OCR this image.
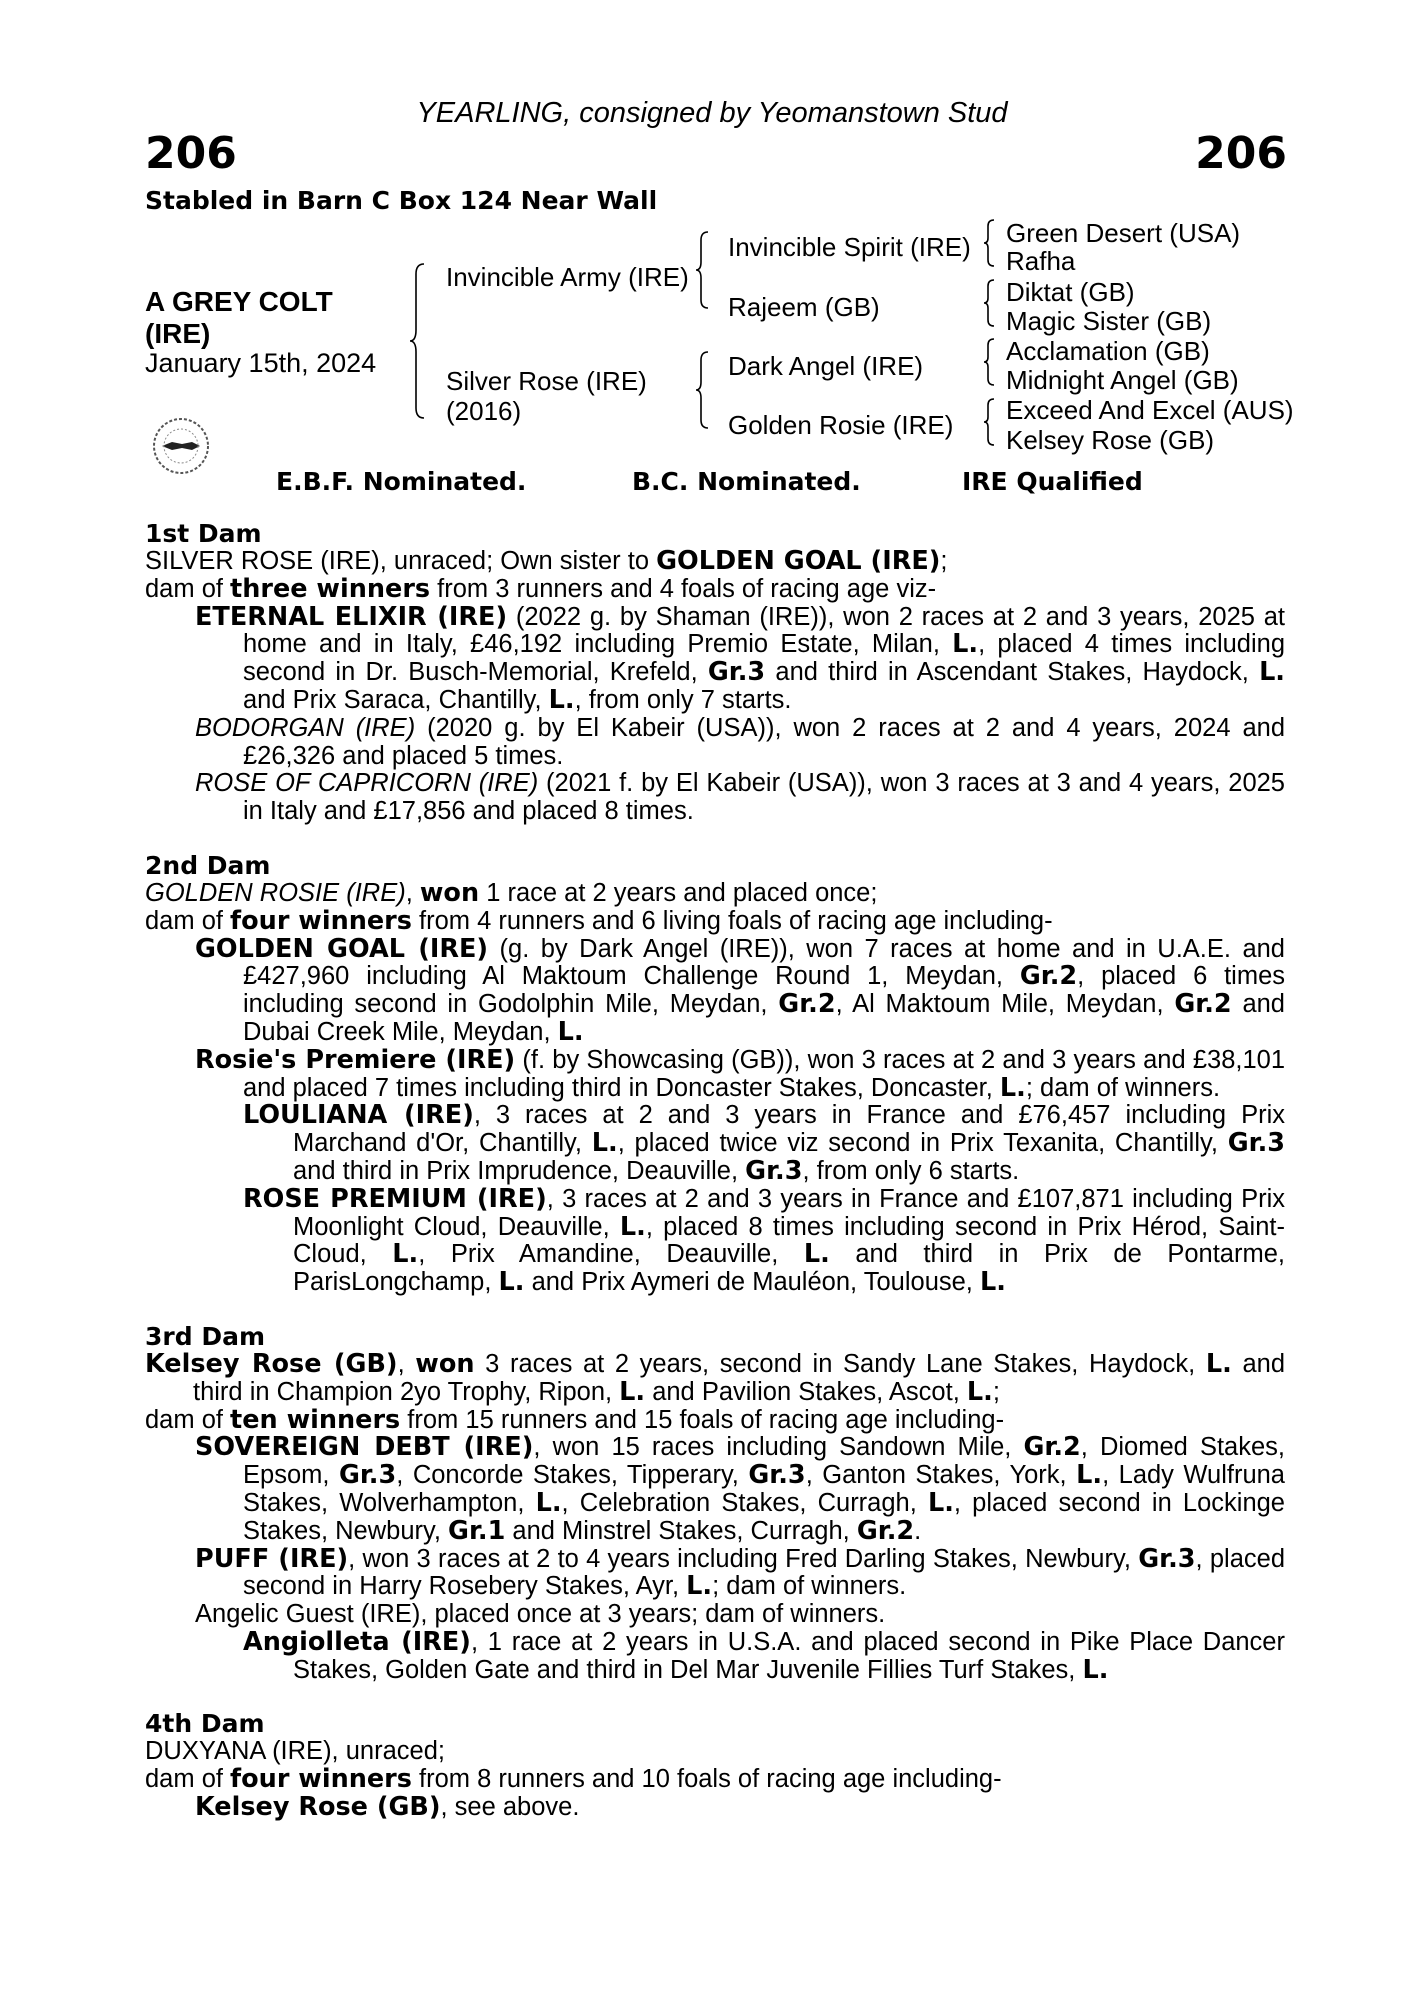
YEARLING, consigned by Yeomanstown Stud
206	206
Stabled in Barn C Box 124 Near Wall
A GREY COLT
(IRE)
January 15th, 2024
Invincible Army (IRE)
Silver Rose (IRE)
(2016)
Invincible Spirit (IRE)
Rajeem (GB)
Dark Angel (IRE)
Golden Rosie (IRE)
Green Desert (USA)
Rafha
Diktat (GB)
Magic Sister (GB)
Acclamation (GB)
Midnight Angel (GB)
Exceed And Excel (AUS)
Kelsey Rose (GB)
E.B.F. Nominated.	B.C. Nominated.	IRE Qualified
1st Dam
SILVER ROSE (IRE), unraced; Own sister to GOLDEN GOAL (IRE);
dam of three winners from 3 runners and 4 foals of racing age viz-
ETERNAL ELIXIR (IRE) (2022 g. by Shaman (IRE)), won 2 races at 2 and 3 years, 2025 at home and in Italy, £46,192 including Premio Estate, Milan, L., placed 4 times including second in Dr. Busch-Memorial, Krefeld, Gr.3 and third in Ascendant Stakes, Haydock, L. and Prix Saraca, Chantilly, L., from only 7 starts.
BODORGAN (IRE) (2020 g. by El Kabeir (USA)), won 2 races at 2 and 4 years, 2024 and £26,326 and placed 5 times.
ROSE OF CAPRICORN (IRE) (2021 f. by El Kabeir (USA)), won 3 races at 3 and 4 years, 2025 in Italy and £17,856 and placed 8 times.
2nd Dam
GOLDEN ROSIE (IRE), won 1 race at 2 years and placed once;
dam of four winners from 4 runners and 6 living foals of racing age including-
GOLDEN GOAL (IRE) (g. by Dark Angel (IRE)), won 7 races at home and in U.A.E. and £427,960 including Al Maktoum Challenge Round 1, Meydan, Gr.2, placed 6 times including second in Godolphin Mile, Meydan, Gr.2, Al Maktoum Mile, Meydan, Gr.2 and Dubai Creek Mile, Meydan, L.
Rosie's Premiere (IRE) (f. by Showcasing (GB)), won 3 races at 2 and 3 years and £38,101 and placed 7 times including third in Doncaster Stakes, Doncaster, L.; dam of winners.
LOULIANA (IRE), 3 races at 2 and 3 years in France and £76,457 including Prix Marchand d'Or, Chantilly, L., placed twice viz second in Prix Texanita, Chantilly, Gr.3 and third in Prix Imprudence, Deauville, Gr.3, from only 6 starts.
ROSE PREMIUM (IRE), 3 races at 2 and 3 years in France and £107,871 including Prix Moonlight Cloud, Deauville, L., placed 8 times including second in Prix Hérod, Saint-Cloud, L., Prix Amandine, Deauville, L. and third in Prix de Pontarme, ParisLongchamp, L. and Prix Aymeri de Mauléon, Toulouse, L.
3rd Dam
Kelsey Rose (GB), won 3 races at 2 years, second in Sandy Lane Stakes, Haydock, L. and third in Champion 2yo Trophy, Ripon, L. and Pavilion Stakes, Ascot, L.;
dam of ten winners from 15 runners and 15 foals of racing age including-
SOVEREIGN DEBT (IRE), won 15 races including Sandown Mile, Gr.2, Diomed Stakes, Epsom, Gr.3, Concorde Stakes, Tipperary, Gr.3, Ganton Stakes, York, L., Lady Wulfruna Stakes, Wolverhampton, L., Celebration Stakes, Curragh, L., placed second in Lockinge Stakes, Newbury, Gr.1 and Minstrel Stakes, Curragh, Gr.2.
PUFF (IRE), won 3 races at 2 to 4 years including Fred Darling Stakes, Newbury, Gr.3, placed second in Harry Rosebery Stakes, Ayr, L.; dam of winners.
Angelic Guest (IRE), placed once at 3 years; dam of winners.
Angiolleta (IRE), 1 race at 2 years in U.S.A. and placed second in Pike Place Dancer Stakes, Golden Gate and third in Del Mar Juvenile Fillies Turf Stakes, L.
4th Dam
DUXYANA (IRE), unraced;
dam of four winners from 8 runners and 10 foals of racing age including-
Kelsey Rose (GB), see above.
